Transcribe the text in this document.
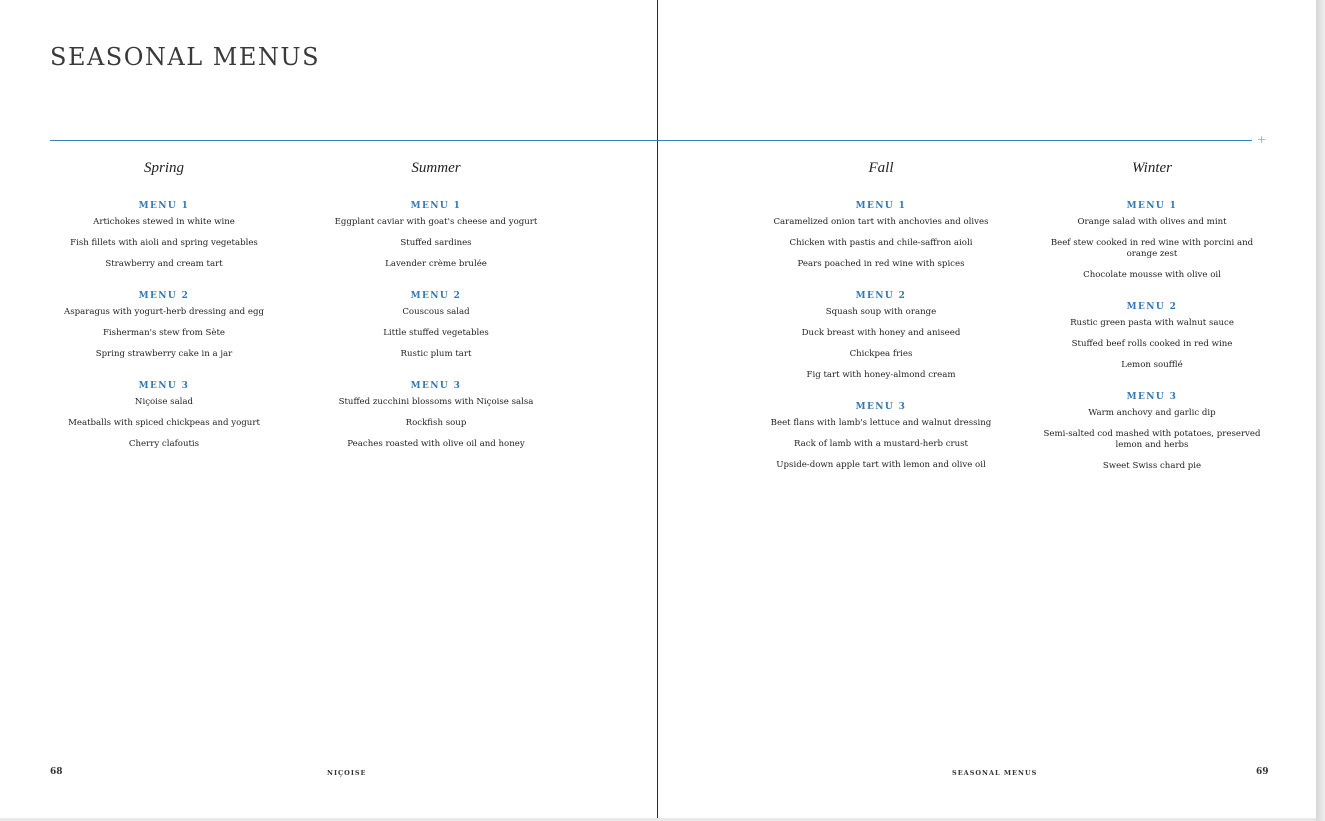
SEASONAL MENUS
+
Spring
MENU 1
Artichokes stewed in white wine
Fish fillets with aioli and spring vegetables
Strawberry and cream tart
MENU 2
Asparagus with yogurt-herb dressing and egg
Fisherman's stew from Sète
Spring strawberry cake in a jar
MENU 3
Niçoise salad
Meatballs with spiced chickpeas and yogurt
Cherry clafoutis
Summer
MENU 1
Eggplant caviar with goat's cheese and yogurt
Stuffed sardines
Lavender crème brulée
MENU 2
Couscous salad
Little stuffed vegetables
Rustic plum tart
MENU 3
Stuffed zucchini blossoms with Niçoise salsa
Rockfish soup
Peaches roasted with olive oil and honey
Fall
MENU 1
Caramelized onion tart with anchovies and olives
Chicken with pastis and chile-saffron aioli
Pears poached in red wine with spices
MENU 2
Squash soup with orange
Duck breast with honey and aniseed
Chickpea fries
Fig tart with honey-almond cream
MENU 3
Beet flans with lamb's lettuce and walnut dressing
Rack of lamb with a mustard-herb crust
Upside-down apple tart with lemon and olive oil
Winter
MENU 1
Orange salad with olives and mint
Beef stew cooked in red wine with porcini and orange zest
Chocolate mousse with olive oil
MENU 2
Rustic green pasta with walnut sauce
Stuffed beef rolls cooked in red wine
Lemon soufflé
MENU 3
Warm anchovy and garlic dip
Semi-salted cod mashed with potatoes, preserved lemon and herbs
Sweet Swiss chard pie
68	NIÇOISE	SEASONAL MENUS	69
